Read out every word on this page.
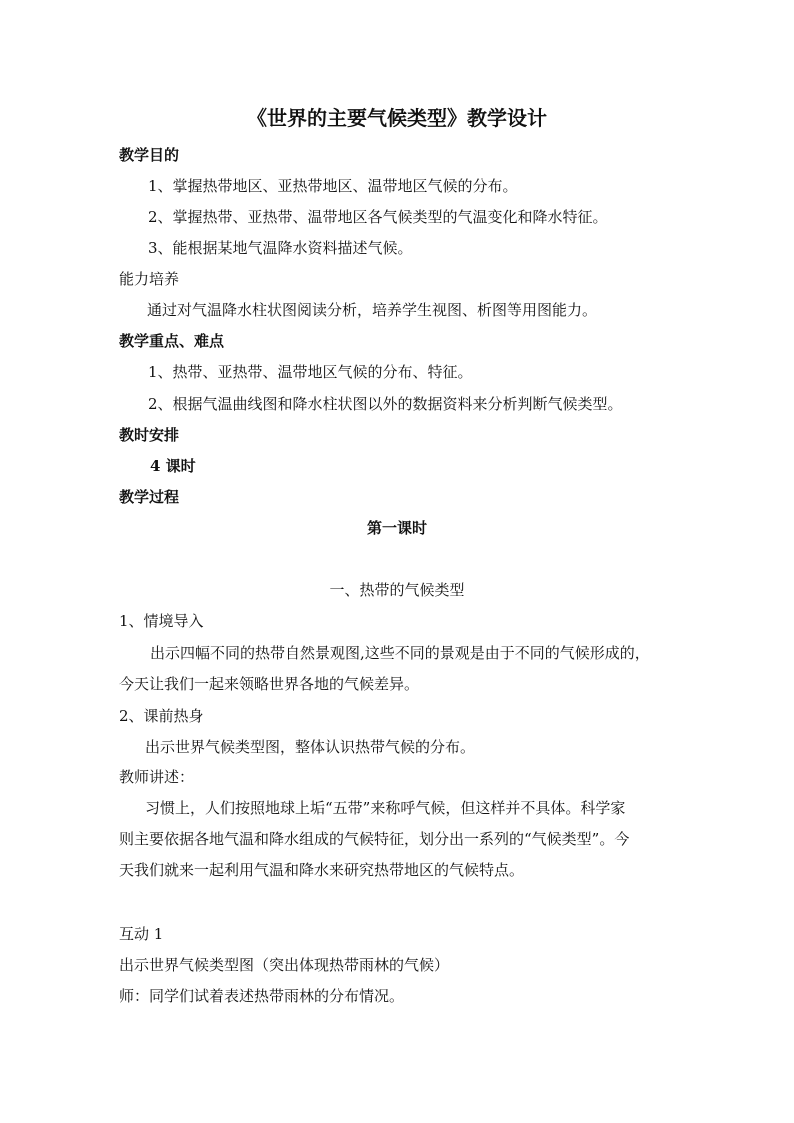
《世界的主要气候类型》教学设计
教学目的
1、掌握热带地区、亚热带地区、温带地区气候的分布。
2、掌握热带、亚热带、温带地区各气候类型的气温变化和降水特征。
3、能根据某地气温降水资料描述气候。
能力培养
通过对气温降水柱状图阅读分析，培养学生视图、析图等用图能力。
教学重点、难点
1、热带、亚热带、温带地区气候的分布、特征。
2、根据气温曲线图和降水柱状图以外的数据资料来分析判断气候类型。
教时安排
4 课时
教学过程
第一课时
一、热带的气候类型
1、情境导入
出示四幅不同的热带自然景观图,这些不同的景观是由于不同的气候形成的，
今天让我们一起来领略世界各地的气候差异。
2、课前热身
出示世界气候类型图，整体认识热带气候的分布。
教师讲述：
习惯上，人们按照地球上垢“五带”来称呼气候，但这样并不具体。科学家
则主要依据各地气温和降水组成的气候特征，划分出一系列的“气候类型”。今
天我们就来一起利用气温和降水来研究热带地区的气候特点。
互动 1
出示世界气候类型图（突出体现热带雨林的气候）
师：同学们试着表述热带雨林的分布情况。
